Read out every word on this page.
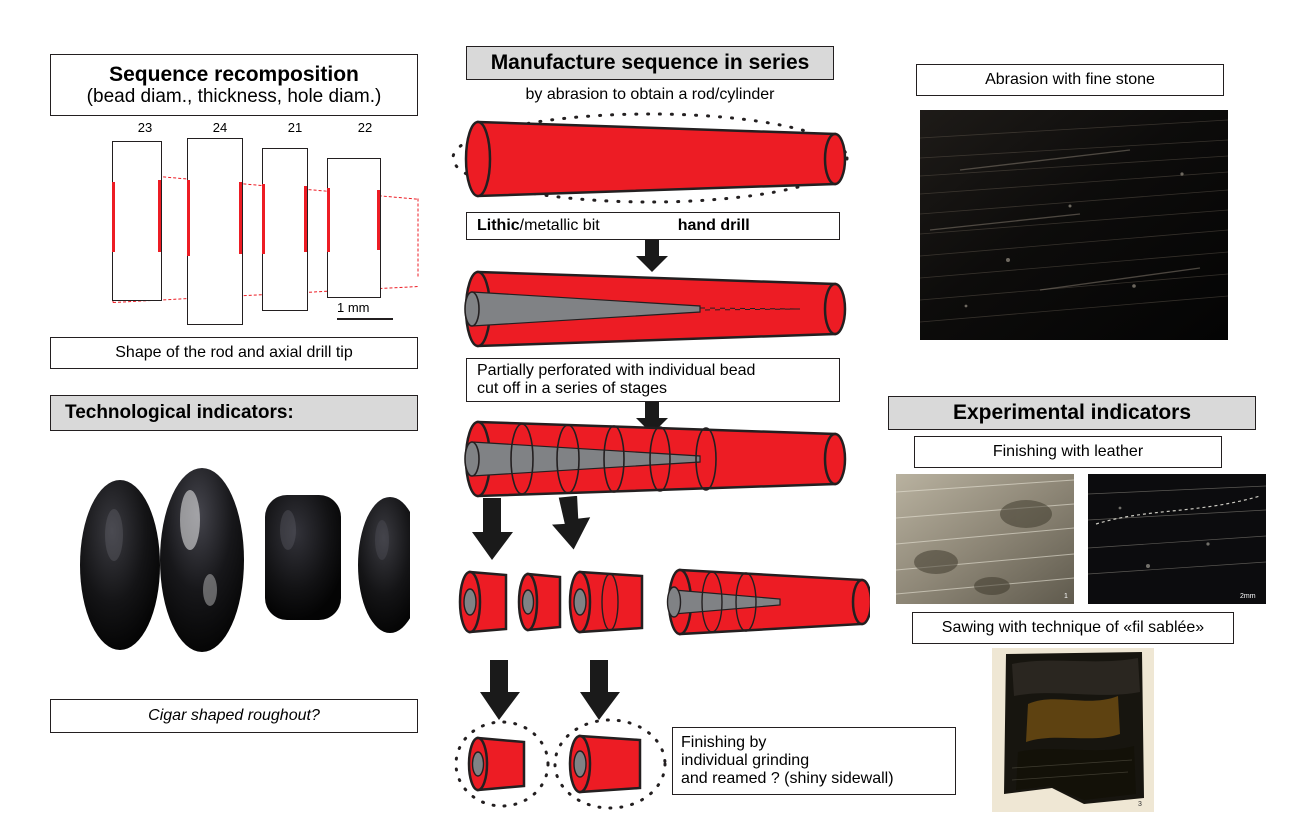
Sequence recomposition
(bead diam., thickness, hole diam.)
23	24	21	22
1 mm
Shape of the rod and axial drill tip
Technological indicators:
Cigar shaped roughout?
Manufacture sequence in series
by abrasion to obtain a rod/cylinder
Lithic/metallic bit	hand drill
Partially perforated with individual bead
cut off in a series of stages
Finishing by
individual grinding
and reamed ? (shiny sidewall)
Abrasion with fine stone
Experimental indicators
Finishing with leather
1	2mm
Sawing with technique of «fil sablée»
3
